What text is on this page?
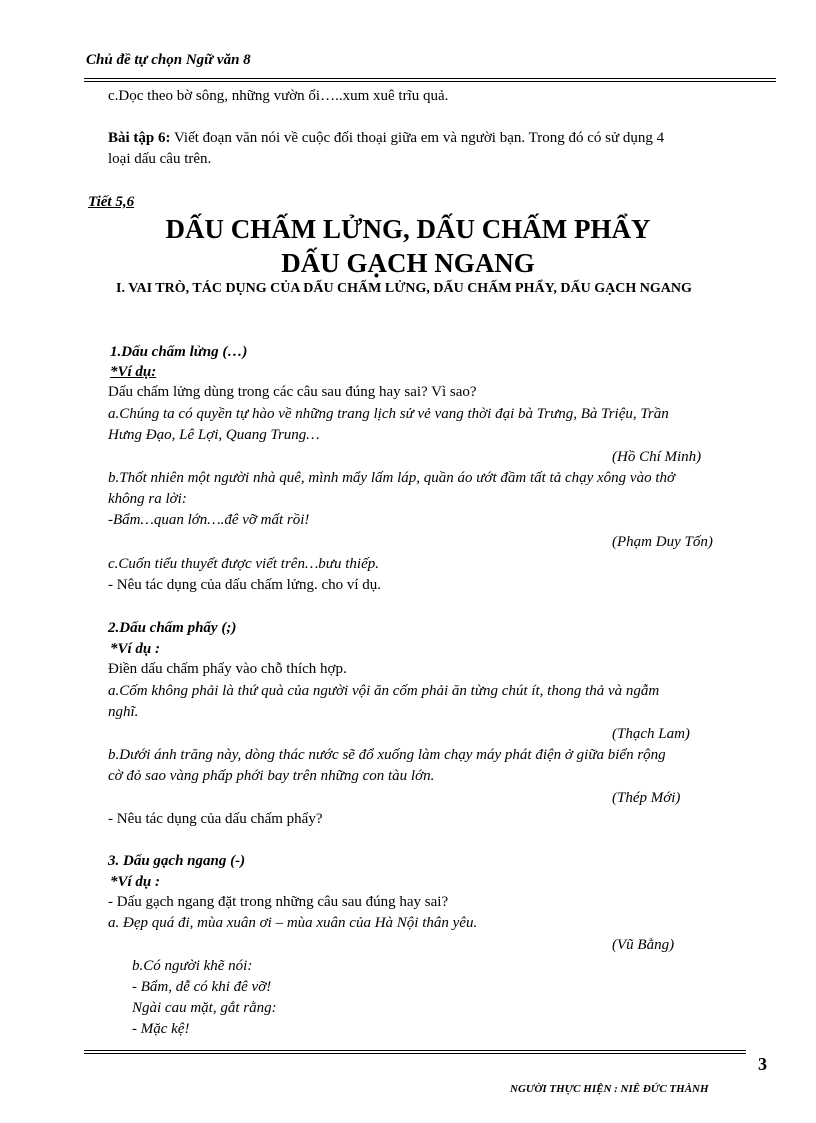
Chủ đề tự chọn Ngữ văn 8
c.Dọc theo bờ sông, những vườn ổi…..xum xuê trĩu quả.
Bài tập 6: Viết đoạn văn nói về cuộc đối thoại giữa em và người bạn. Trong đó có sử dụng 4
loại dấu câu trên.
Tiết 5,6
DẤU CHẤM LỬNG, DẤU CHẤM PHẨY
DẤU GẠCH NGANG
I. VAI TRÒ, TÁC DỤNG CỦA DẤU CHẤM LỬNG, DẤU CHẤM PHẨY, DẤU GẠCH NGANG
1.Dấu chấm lửng (…)
*Ví dụ:
Dấu chấm lửng dùng trong các câu sau đúng hay sai? Vì sao?
a.Chúng ta có quyền tự hào về những trang lịch sử vẻ vang thời đại bà Trưng, Bà Triệu, Trần
Hưng Đạo, Lê Lợi, Quang Trung…
(Hồ Chí Minh)
b.Thốt nhiên một người nhà quê, mình mẩy lấm láp, quần áo ướt đầm tất tả chạy xông vào thở
không ra lời:
-Bẩm…quan lớn….đê vỡ mất rồi!
(Phạm Duy Tốn)
c.Cuốn tiểu thuyết được viết trên…bưu thiếp.
- Nêu tác dụng của dấu chấm lửng. cho ví dụ.
2.Dấu chấm phẩy (;)
*Ví dụ :
Điền dấu chấm phẩy vào chỗ thích hợp.
a.Cốm không phải là thứ quà của người vội ăn cốm phải ăn từng chút ít, thong thả và ngẫm
nghĩ.
(Thạch Lam)
b.Dưới ánh trăng này, dòng thác nước sẽ đổ xuống làm chạy máy phát điện ở giữa biển rộng
cờ đỏ sao vàng phấp phới bay trên những con tàu lớn.
(Thép Mới)
- Nêu tác dụng của dấu chấm phẩy?
3. Dấu gạch ngang (-)
*Ví dụ :
- Dấu gạch ngang đặt trong những câu sau đúng hay sai?
a. Đẹp quá đi, mùa xuân ơi – mùa xuân của Hà Nội thân yêu.
(Vũ Bằng)
b.Có người khẽ nói:
- Bẩm, dễ có khi đê vỡ!
Ngài cau mặt, gắt rằng:
- Mặc kệ!
3
NGƯỜI THỰC HIỆN : NIÊ ĐỨC THÀNH
